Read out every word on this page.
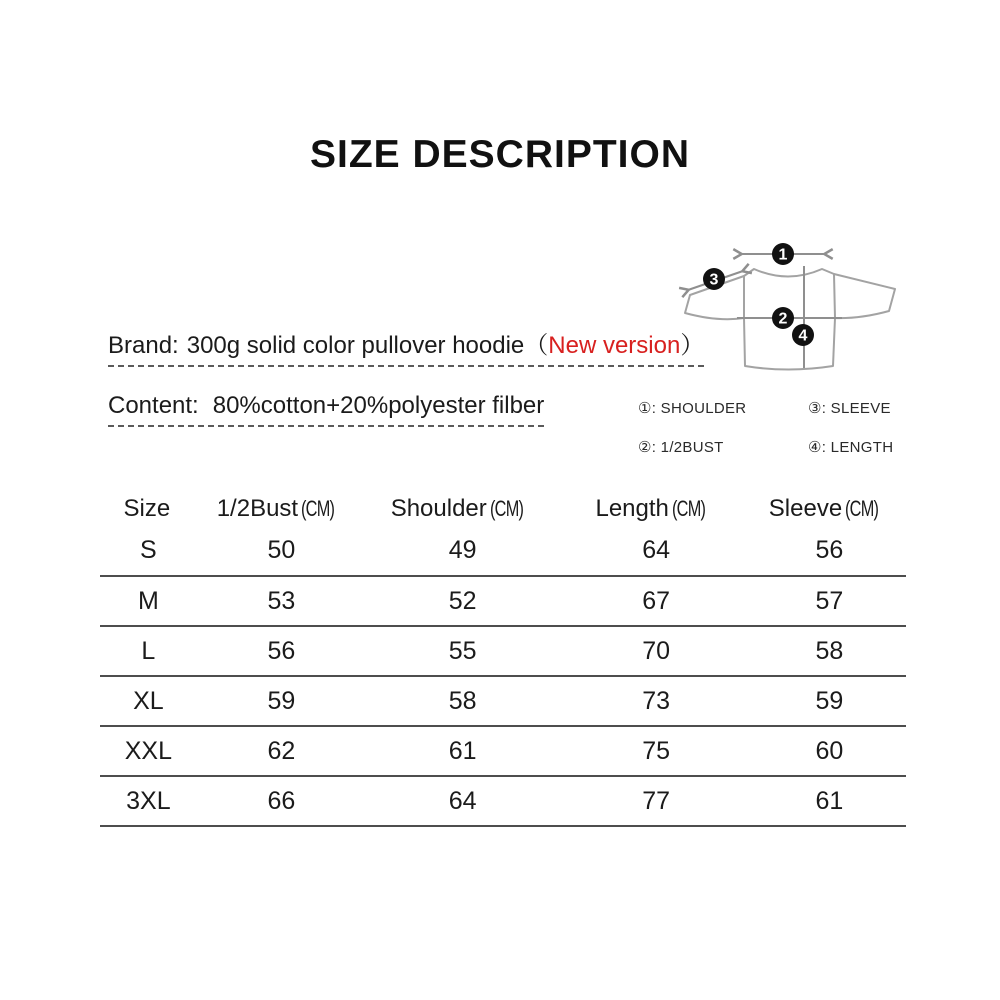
SIZE DESCRIPTION
Brand: 300g solid color pullover hoodie（New version）
Content: 80%cotton+20%polyester filber
1
3
2
4
①: SHOULDER	③: SLEEVE
②: 1/2BUST	④: LENGTH
Size	1/2Bust (CM)	Shoulder (CM)	Length (CM)	Sleeve (CM)
S	50	49	64	56
M	53	52	67	57
L	56	55	70	58
XL	59	58	73	59
XXL	62	61	75	60
3XL	66	64	77	61
